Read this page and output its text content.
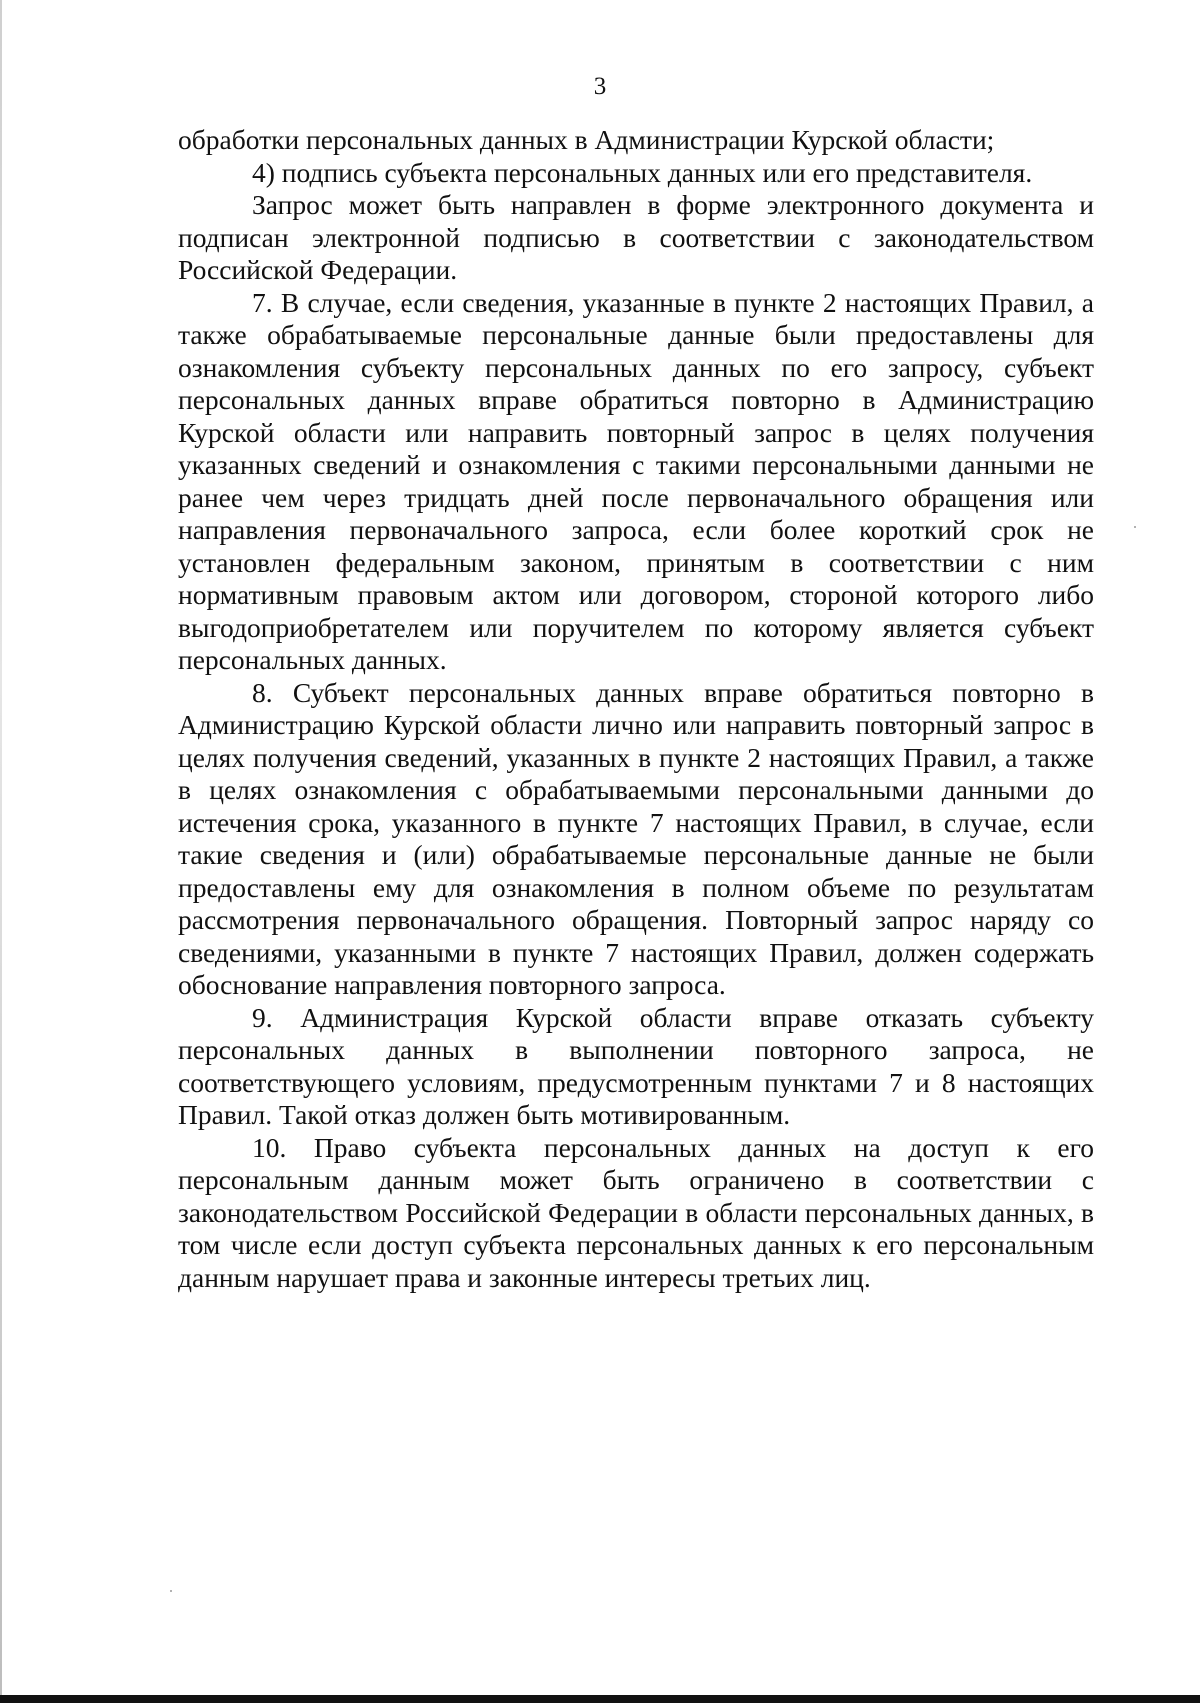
3

обработки персональных данных в Администрации Курской области;

4) подпись субъекта персональных данных или его представителя.

Запрос может быть направлен в форме электронного документа и подписан электронной подписью в соответствии с законодательством Российской Федерации.

7. В случае, если сведения, указанные в пункте 2 настоящих Правил, а также обрабатываемые персональные данные были предоставлены для ознакомления субъекту персональных данных по его запросу, субъект персональных данных вправе обратиться повторно в Администрацию Курской области или направить повторный запрос в целях получения указанных сведений и ознакомления с такими персональными данными не ранее чем через тридцать дней после первоначального обращения или направления первоначального запроса, если более короткий срок не установлен федеральным законом, принятым в соответствии с ним нормативным правовым актом или договором, стороной которого либо выгодоприобретателем или поручителем по которому является субъект персональных данных.

8. Субъект персональных данных вправе обратиться повторно в Администрацию Курской области лично или направить повторный запрос в целях получения сведений, указанных в пункте 2 настоящих Правил, а также в целях ознакомления с обрабатываемыми персональными данными до истечения срока, указанного в пункте 7 настоящих Правил, в случае, если такие сведения и (или) обрабатываемые персональные данные не были предоставлены ему для ознакомления в полном объеме по результатам рассмотрения первоначального обращения. Повторный запрос наряду со сведениями, указанными в пункте 7 настоящих Правил, должен содержать обоснование направления повторного запроса.

9. Администрация Курской области вправе отказать субъекту персональных данных в выполнении повторного запроса, не соответствующего условиям, предусмотренным пунктами 7 и 8 настоящих Правил. Такой отказ должен быть мотивированным.

10. Право субъекта персональных данных на доступ к его персональным данным может быть ограничено в соответствии с законодательством Российской Федерации в области персональных данных, в том числе если доступ субъекта персональных данных к его персональным данным нарушает права и законные интересы третьих лиц.
